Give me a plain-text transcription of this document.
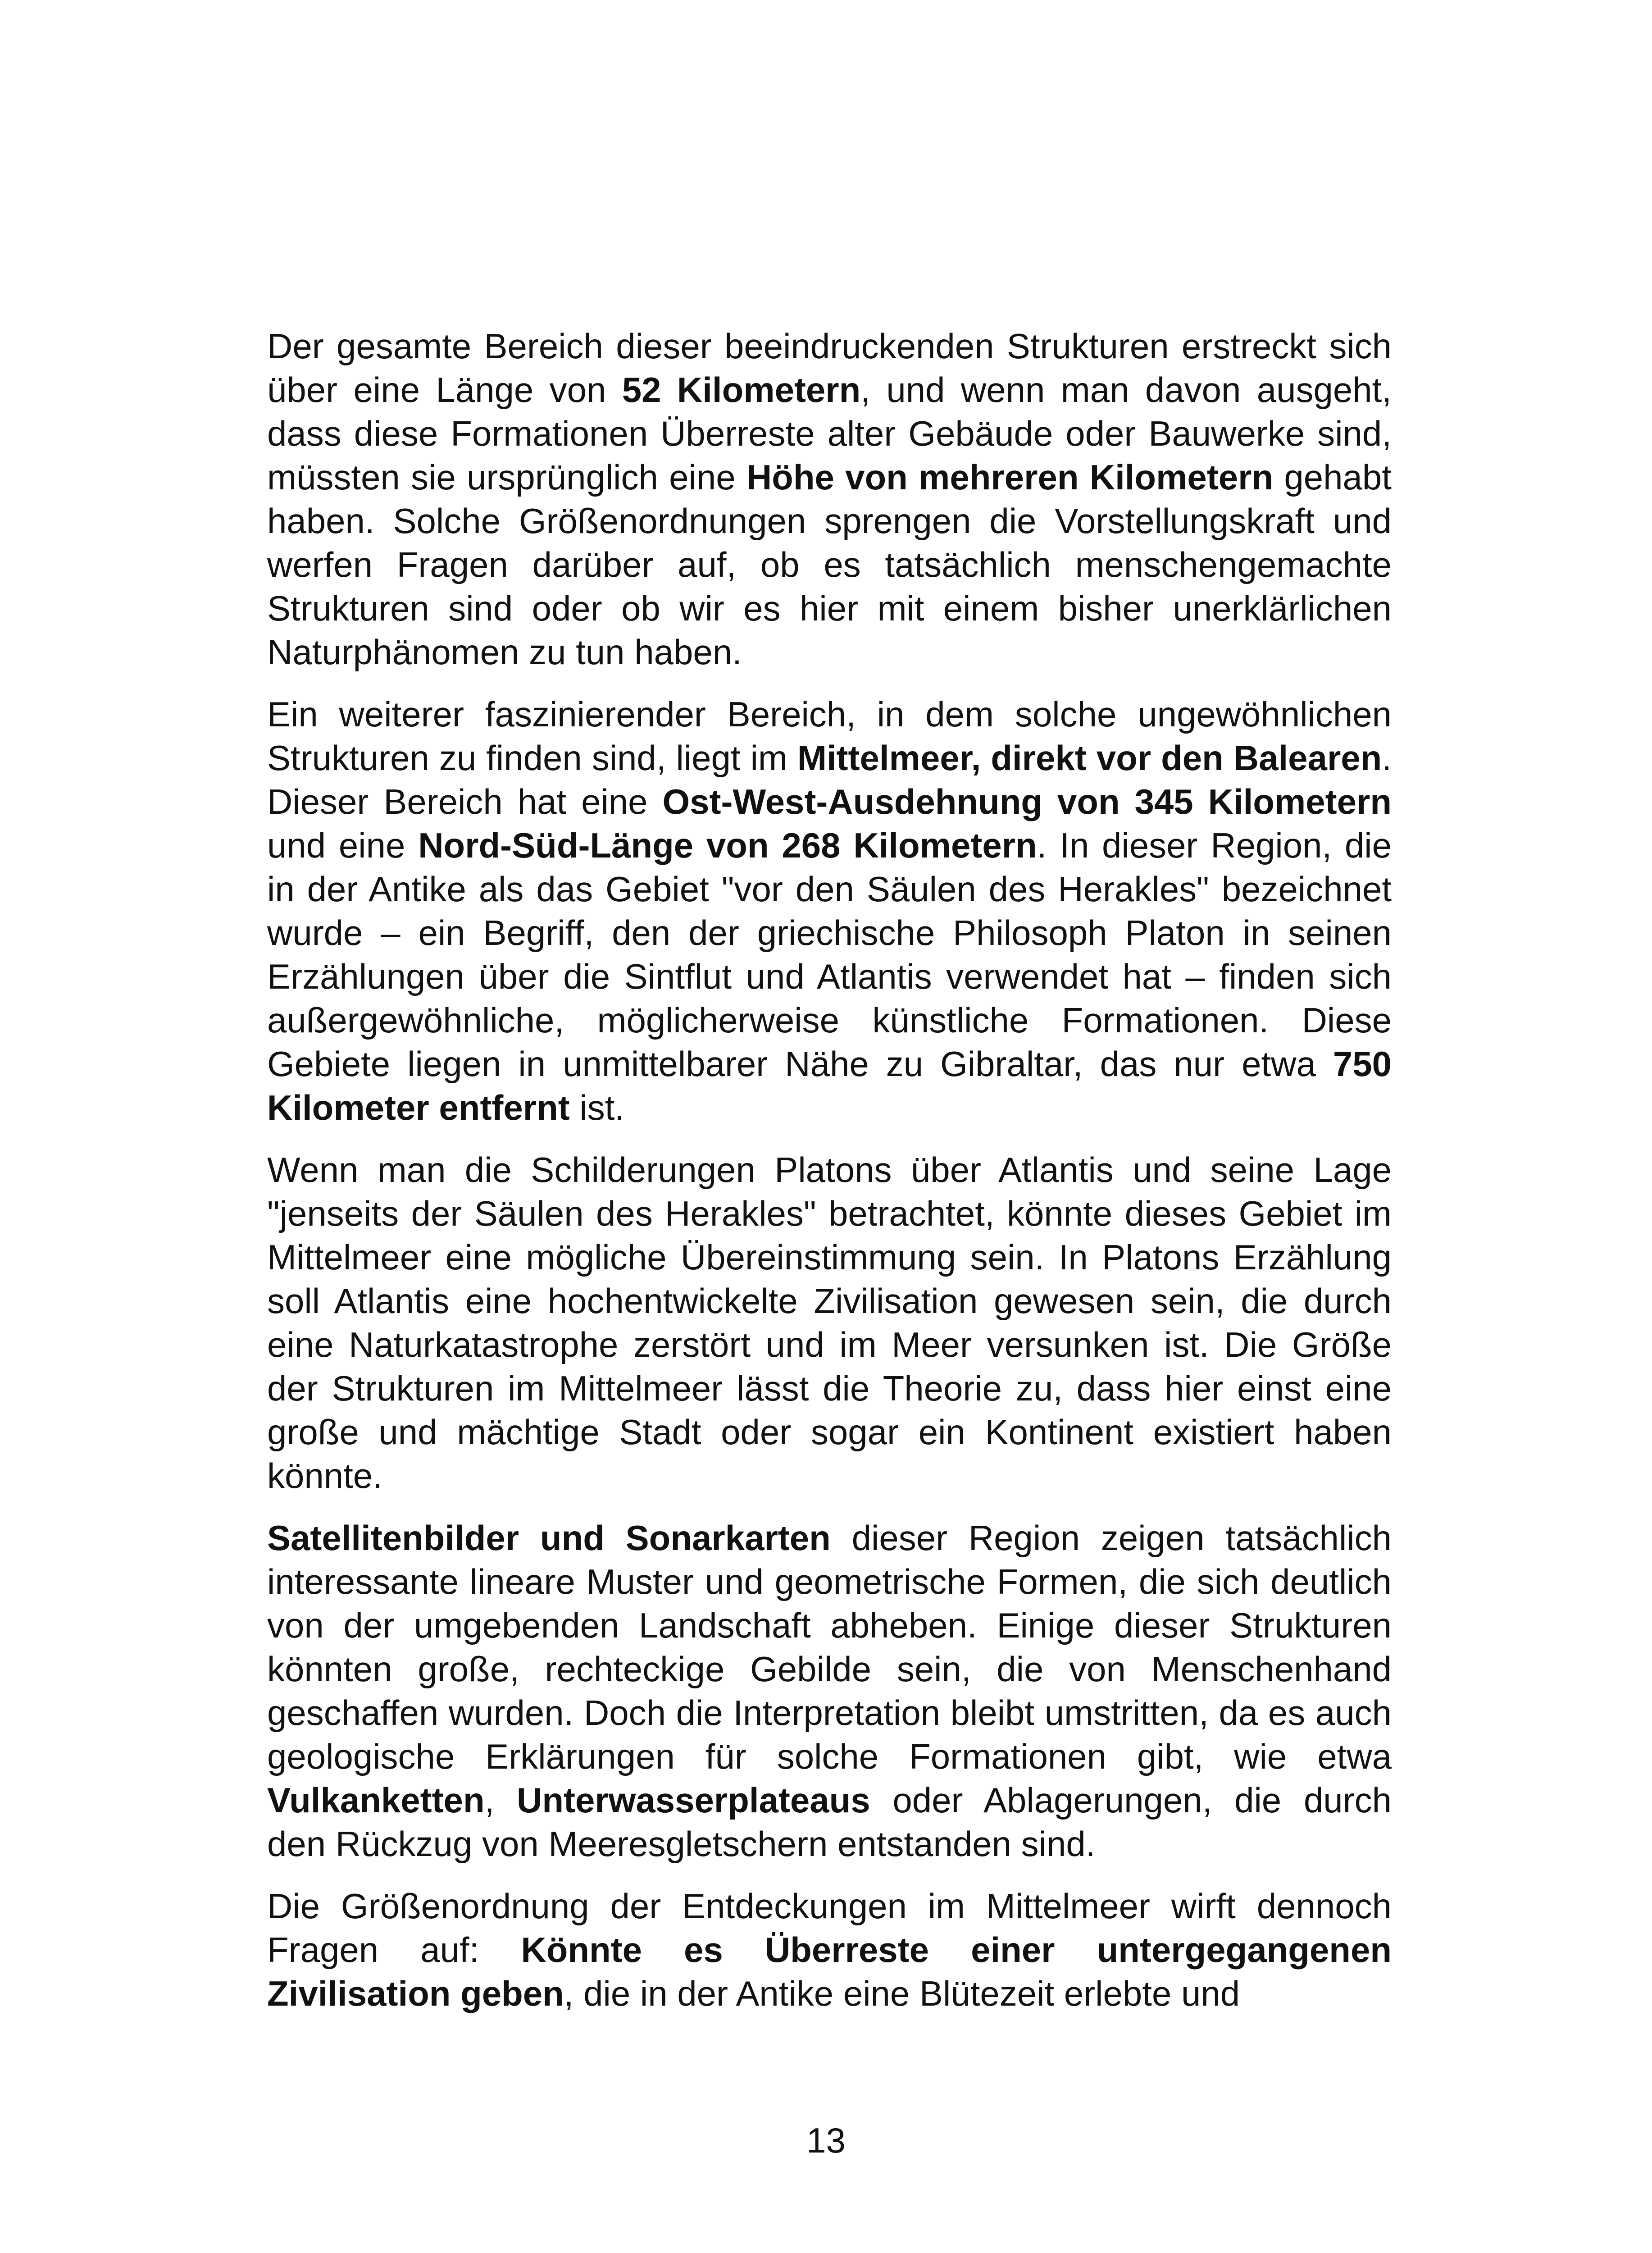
Der gesamte Bereich dieser beeindruckenden Strukturen erstreckt sich über eine Länge von 52 Kilometern, und wenn man davon ausgeht, dass diese Formationen Überreste alter Gebäude oder Bauwerke sind, müssten sie ursprünglich eine Höhe von mehreren Kilometern gehabt haben. Solche Größenordnungen sprengen die Vorstellungskraft und werfen Fragen darüber auf, ob es tatsächlich menschengemachte Strukturen sind oder ob wir es hier mit einem bisher unerklärlichen Naturphänomen zu tun haben.

Ein weiterer faszinierender Bereich, in dem solche ungewöhnlichen Strukturen zu finden sind, liegt im Mittelmeer, direkt vor den Balearen. Dieser Bereich hat eine Ost-West-Ausdehnung von 345 Kilometern und eine Nord-Süd-Länge von 268 Kilometern. In dieser Region, die in der Antike als das Gebiet "vor den Säulen des Herakles" bezeichnet wurde – ein Begriff, den der griechische Philosoph Platon in seinen Erzählungen über die Sintflut und Atlantis verwendet hat – finden sich außergewöhnliche, möglicherweise künstliche Formationen. Diese Gebiete liegen in unmittelbarer Nähe zu Gibraltar, das nur etwa 750 Kilometer entfernt ist.

Wenn man die Schilderungen Platons über Atlantis und seine Lage "jenseits der Säulen des Herakles" betrachtet, könnte dieses Gebiet im Mittelmeer eine mögliche Übereinstimmung sein. In Platons Erzählung soll Atlantis eine hochentwickelte Zivilisation gewesen sein, die durch eine Naturkatastrophe zerstört und im Meer versunken ist. Die Größe der Strukturen im Mittelmeer lässt die Theorie zu, dass hier einst eine große und mächtige Stadt oder sogar ein Kontinent existiert haben könnte.

Satellitenbilder und Sonarkarten dieser Region zeigen tatsächlich interessante lineare Muster und geometrische Formen, die sich deutlich von der umgebenden Landschaft abheben. Einige dieser Strukturen könnten große, rechteckige Gebilde sein, die von Menschenhand geschaffen wurden. Doch die Interpretation bleibt umstritten, da es auch geologische Erklärungen für solche Formationen gibt, wie etwa Vulkanketten, Unterwasserplateaus oder Ablagerungen, die durch den Rückzug von Meeresgletschern entstanden sind.

Die Größenordnung der Entdeckungen im Mittelmeer wirft dennoch Fragen auf: Könnte es Überreste einer untergegangenen Zivilisation geben, die in der Antike eine Blütezeit erlebte und

13
